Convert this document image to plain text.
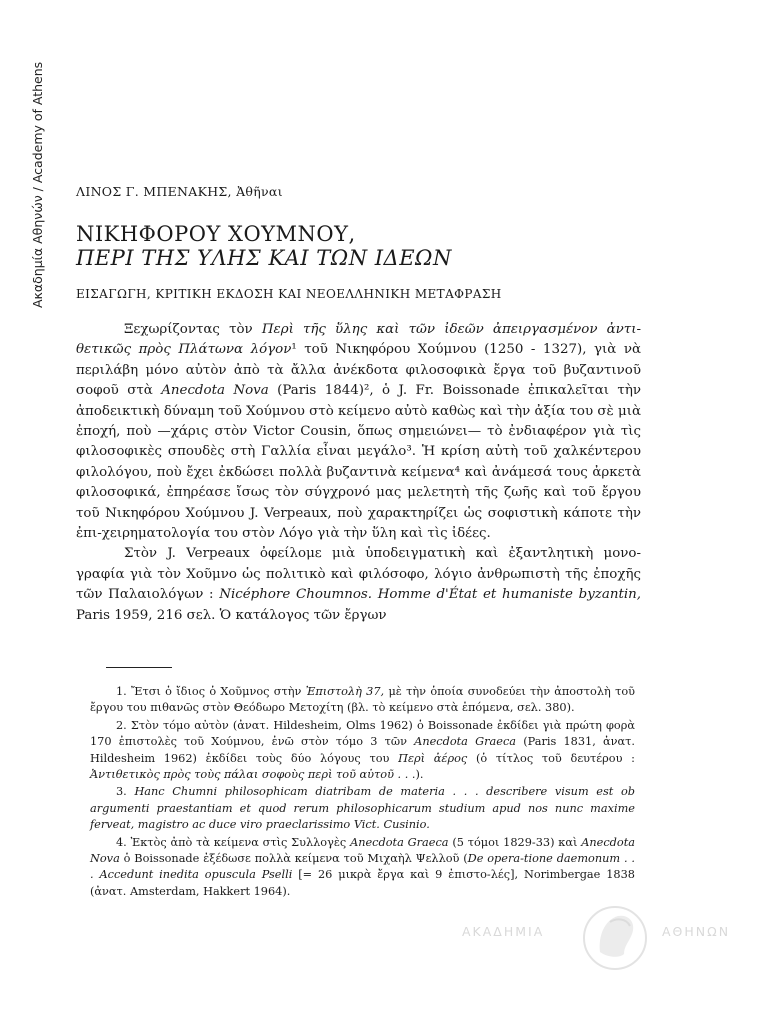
Ακαδημία Αθηνών / Academy of Athens ΛΙΝΟΣ Γ. ΜΠΕΝΑΚΗΣ, Ἀθῆναι
ΝΙΚΗΦΟΡΟΥ ΧΟΥΜΝΟΥ,
ΠΕΡΙ ΤΗΣ ΥΛΗΣ ΚΑΙ ΤΩΝ ΙΔΕΩΝ
ΕΙΣΑΓΩΓΗ, ΚΡΙΤΙΚΗ ΕΚΔΟΣΗ ΚΑΙ ΝΕΟΕΛΛΗΝΙΚΗ ΜΕΤΑΦΡΑΣΗ

Ξεχωρίζοντας τὸν Περὶ τῆς ὕλης καὶ τῶν ἰδεῶν ἀπειργασμένον ἀντι-θετικῶς πρὸς Πλάτωνα λόγον¹ τοῦ Νικηφόρου Χούμνου (1250 - 1327), γιὰ νὰ περιλάβη μόνο αὐτὸν ἀπὸ τὰ ἄλλα ἀνέκδοτα φιλοσοφικὰ ἔργα τοῦ βυζαντινοῦ σοφοῦ στὰ Anecdota Nova (Paris 1844)², ὁ J. Fr. Boissonade ἐπικαλεῖται τὴν ἀποδεικτικὴ δύναμη τοῦ Χούμνου στὸ κείμενο αὐτὸ καθὼς καὶ τὴν ἀξία του σὲ μιὰ ἐποχή, ποὺ —χάρις στὸν Victor Cousin, ὅπως σημειώνει— τὸ ἐνδιαφέρον γιὰ τὶς φιλοσοφικὲς σπουδὲς στὴ Γαλλία εἶναι μεγάλο³. Ἡ κρίση αὐτὴ τοῦ χαλκέντερου φιλολόγου, ποὺ ἔχει ἐκδώσει πολλὰ βυζαντινὰ κείμενα⁴ καὶ ἀνάμεσά τους ἀρκετὰ φιλοσοφικά, ἐπηρέασε ἴσως τὸν σύγχρονό μας μελετητὴ τῆς ζωῆς καὶ τοῦ ἔργου τοῦ Νικηφόρου Χούμνου J. Verpeaux, ποὺ χαρακτηρίζει ὡς σοφιστικὴ κάποτε τὴν ἐπι-χειρηματολογία του στὸν Λόγο γιὰ τὴν ὕλη καὶ τὶς ἰδέες.

Στὸν J. Verpeaux ὀφείλομε μιὰ ὑποδειγματικὴ καὶ ἐξαντλητικὴ μονο-γραφία γιὰ τὸν Χοῦμνο ὡς πολιτικὸ καὶ φιλόσοφο, λόγιο ἀνθρωπιστὴ τῆς ἐποχῆς τῶν Παλαιολόγων : Nicéphore Choumnos. Homme d'État et humaniste byzantin, Paris 1959, 216 σελ. Ὁ κατάλογος τῶν ἔργων

1. Ἔτσι ὁ ἴδιος ὁ Χοῦμνος στὴν Ἐπιστολὴ 37, μὲ τὴν ὁποία συνοδεύει τὴν ἀποστολὴ τοῦ ἔργου του πιθανῶς στὸν Θεόδωρο Μετοχίτη (βλ. τὸ κείμενο στὰ ἑπόμενα, σελ. 380).

2. Στὸν τόμο αὐτὸν (ἀνατ. Hildesheim, Olms 1962) ὁ Boissonade ἐκδίδει γιὰ πρώτη φορὰ 170 ἐπιστολὲς τοῦ Χούμνου, ἐνῶ στὸν τόμο 3 τῶν Anecdota Graeca (Paris 1831, ἀνατ. Hildesheim 1962) ἐκδίδει τοὺς δύο λόγους του Περὶ ἀέρος (ὁ τίτλος τοῦ δευτέρου : Ἀντιθετικὸς πρὸς τοὺς πάλαι σοφοὺς περὶ τοῦ αὐτοῦ . . .).

3. Hanc Chumni philosophicam diatribam de materia . . . describere visum est ob argumenti praestantiam et quod rerum philosophicarum studium apud nos nunc maxime ferveat, magistro ac duce viro praeclarissimo Vict. Cusinio.

4. Ἐκτὸς ἀπὸ τὰ κείμενα στὶς Συλλογὲς Anecdota Graeca (5 τόμοι 1829-33) καὶ Anecdota Nova ὁ Boissonade ἐξέδωσε πολλὰ κείμενα τοῦ Μιχαὴλ Ψελλοῦ (De opera-tione daemonum . . . Accedunt inedita opuscula Pselli [= 26 μικρὰ ἔργα καὶ 9 ἐπιστο-λές], Norimbergae 1838 (ἀνατ. Amsterdam, Hakkert 1964).

ΑΚΑΔΗΜΙΑ	ΑΘΗΝΩΝ
